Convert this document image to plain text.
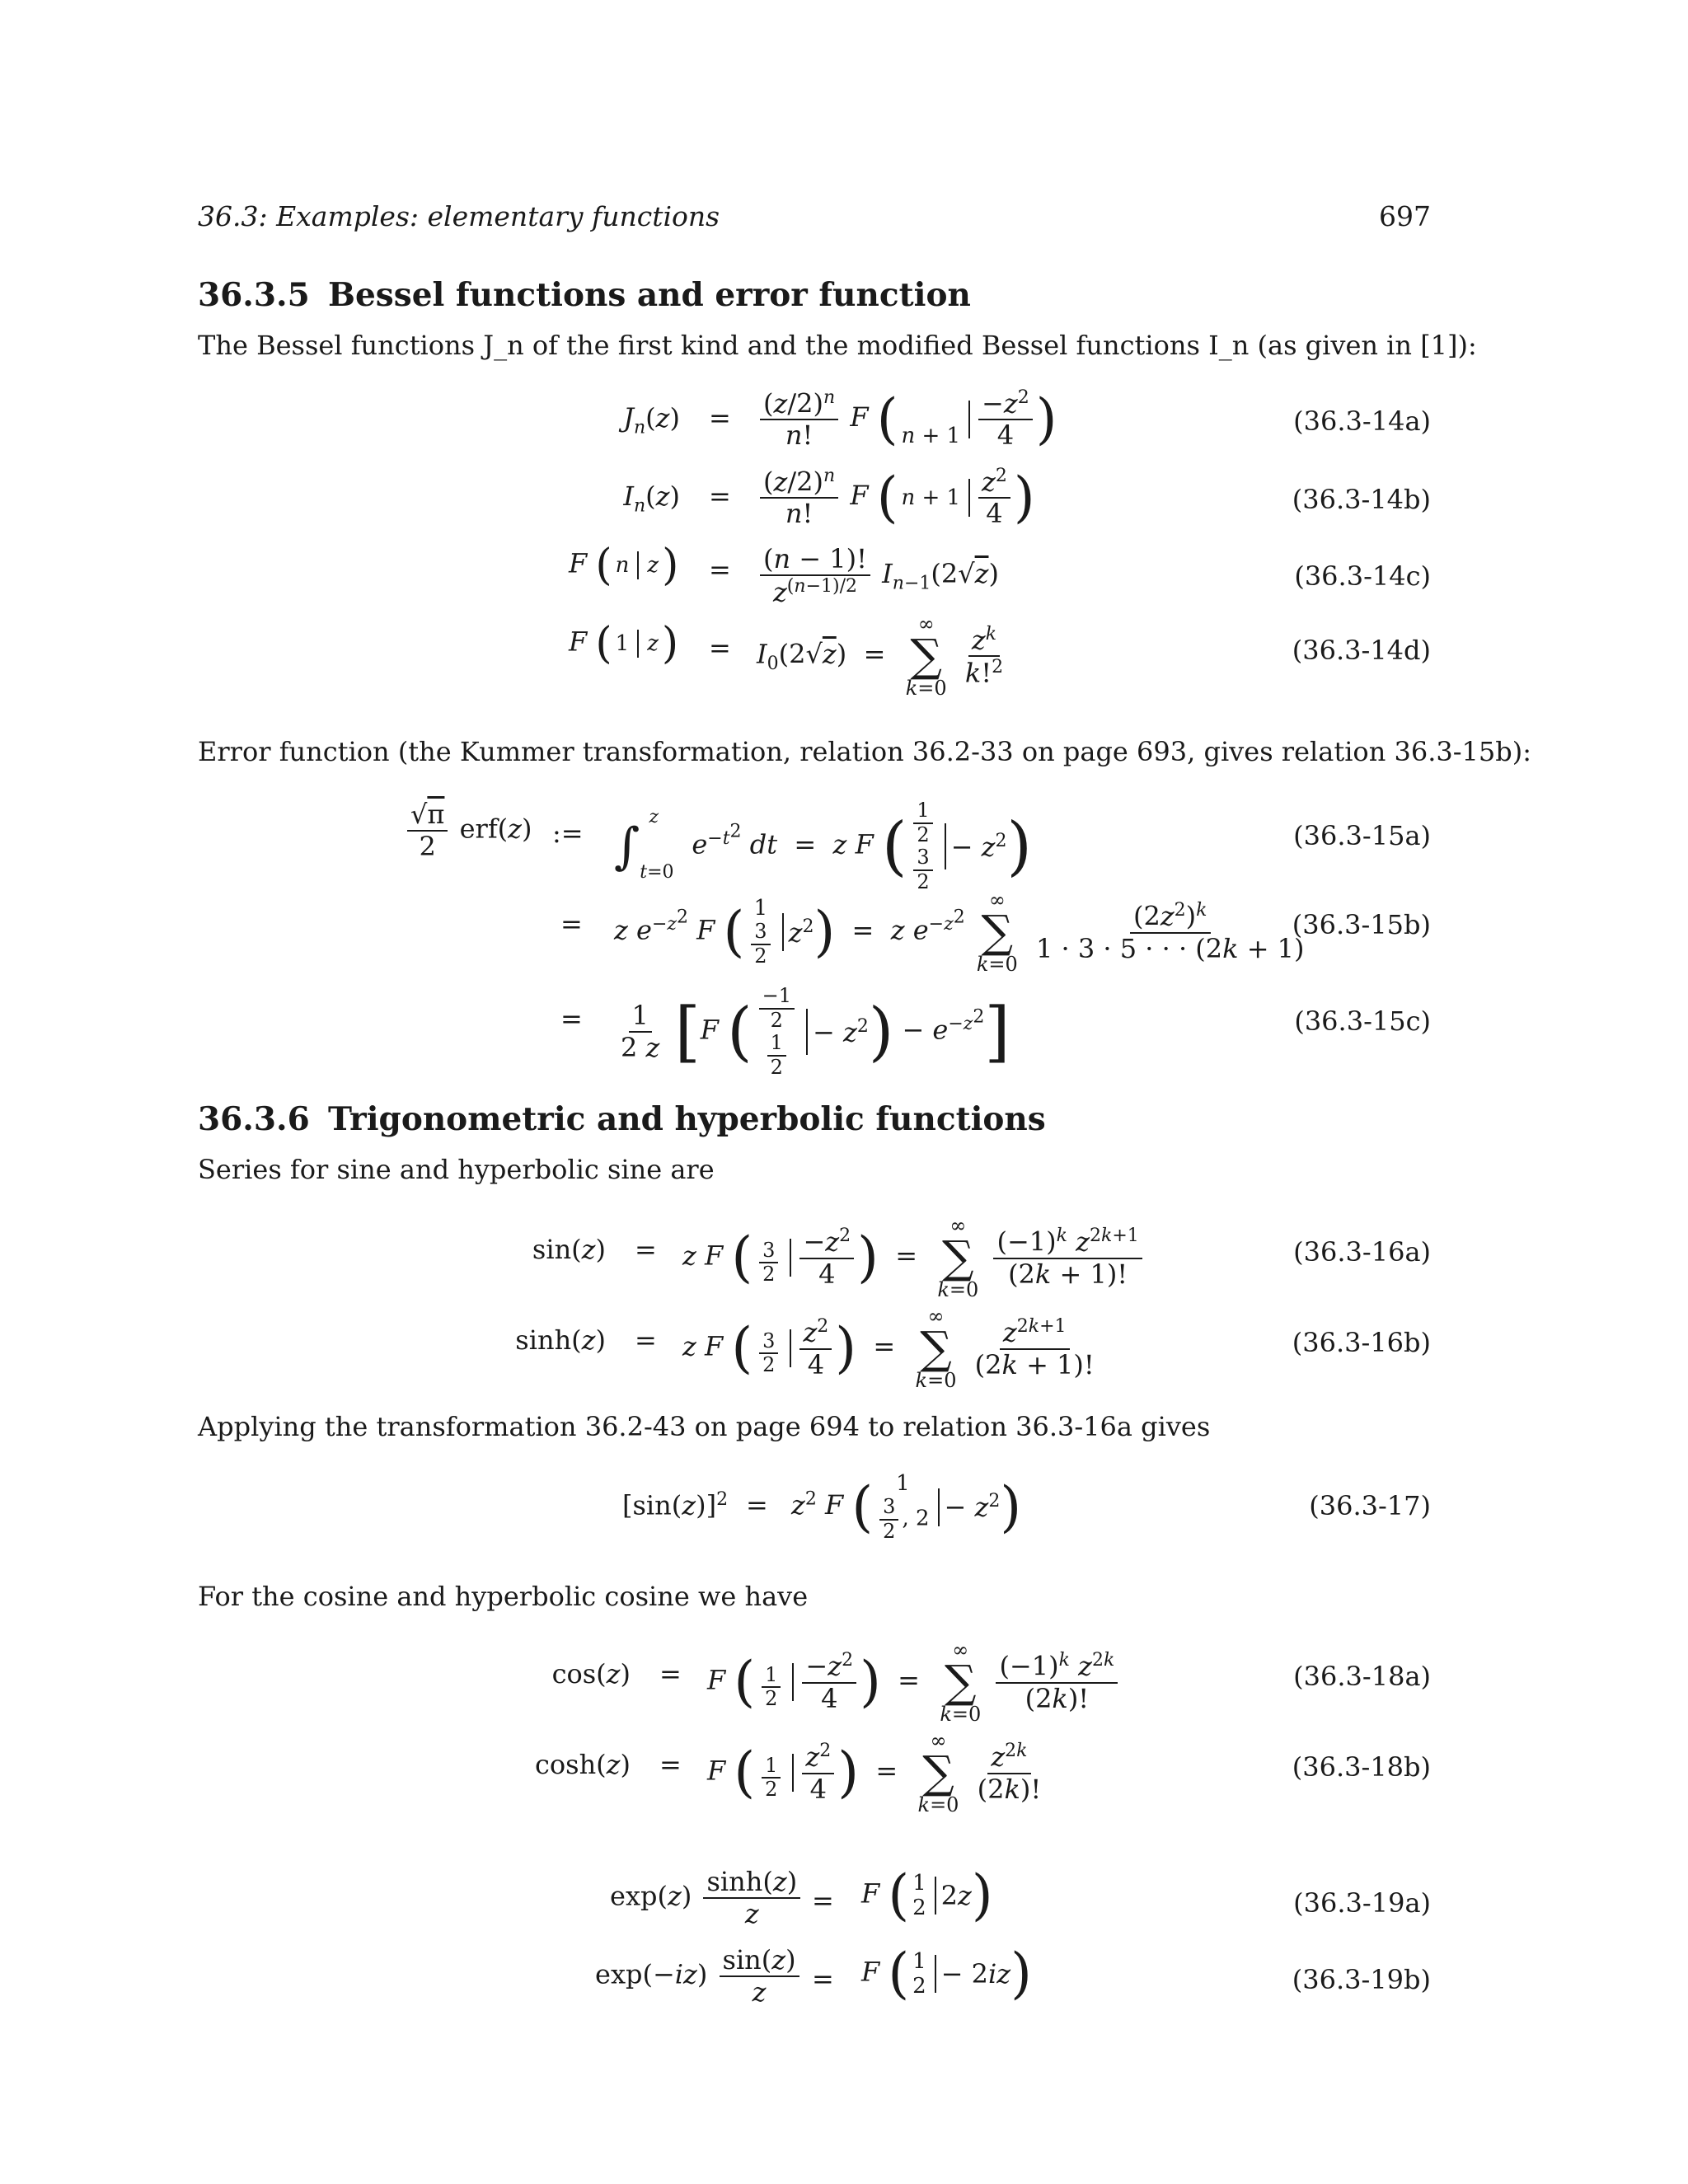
36.3: Examples: elementary functions	697
36.3.5 Bessel functions and error function
The Bessel functions J_n of the first kind and the modified Bessel functions I_n (as given in [1]):
$J_n(z) = \frac{(z/2)^n}{n!}$ F ( $n + 1 \frac{-z^2}{4}$ )	(36.3-14a)
$I_n(z) = \frac{(z/2)^n}{n!}$ F ( $n + 1 \frac{z^2}{4}$ )	(36.3-14b)
F ( n z ) = $\frac{(n - 1)!}{z^{(n-1)/2}} I_{n-1}(2√z)$	(36.3-14c)
F ( 1 z ) = $I_0(2√z)$  =
∞
∑
k=0
$\frac{z^k}{k!^2}$	(36.3-14d)
Error function (the Kummer transformation, relation 36.2-33 on page 693, gives relation 36.3-15b):
$\frac{√\pi}{2} erf(z)$ := $\int_{t=0}^z$ $e^{-t^2}$ dt  =  z F ( $\frac{1}{2}$
$\frac{3}{2} - z^2$ )	(36.3-15a)
= z $e^{-z^2}$ F ( 1
$\frac{3}{2} z^2$ ) =  z $e^{-z^2}$
∞
∑
k=0

$\frac{(2z^2)^k}{1 \cdot 3 \cdot 5 \cdot \cdot \cdot (2k + 1)}$
(36.3-15b)
= $\frac{1}{2 z} [F$ ( $\frac{-1}{2}$
$\frac{1}{2} - z^2$ ) − $e^{-z^2}$]	(36.3-15c)
36.3.6 Trigonometric and hyperbolic functions
Series for sine and hyperbolic sine are
sin(z) = z F ( $\frac{3}{2} \frac{-z^2}{4}$ ) =
∞
∑
k=0

$\frac{(-1)^k z^{2k+1}}{(2k + 1)!}$	(36.3-16a)
sinh(z) = z F ( $\frac{3}{2} \frac{z^2}{4}$ ) =
∞
∑
k=0

$\frac{z^{2k+1}}{(2k + 1)!}$	(36.3-16b)
Applying the transformation 36.2-43 on page 694 to relation 36.3-16a gives
$[\sin(z)]^2 = z^2$ F ( 1
$\frac{3}{2}$ , $2 - z^2$ )	(36.3-17)
For the cosine and hyperbolic cosine we have
cos(z) = F ( $\frac{1}{2} \frac{-z^2}{4}$ ) =
∞
∑
k=0

$\frac{(-1)^k z^{2k}}{(2k)!}$	(36.3-18a)
cosh(z) = F ( $\frac{1}{2} \frac{z^2}{4}$ ) =
∞
∑
k=0

$\frac{z^{2k}}{(2k)!}$	(36.3-18b)
$\exp(z) \frac{\sinh(z)}{z} = F$ ( 1
2 2z )	(36.3-19a)
$\exp(-iz) \frac{\sin(z)}{z} = F$ ( 1
2 − 2iz )	(36.3-19b)
